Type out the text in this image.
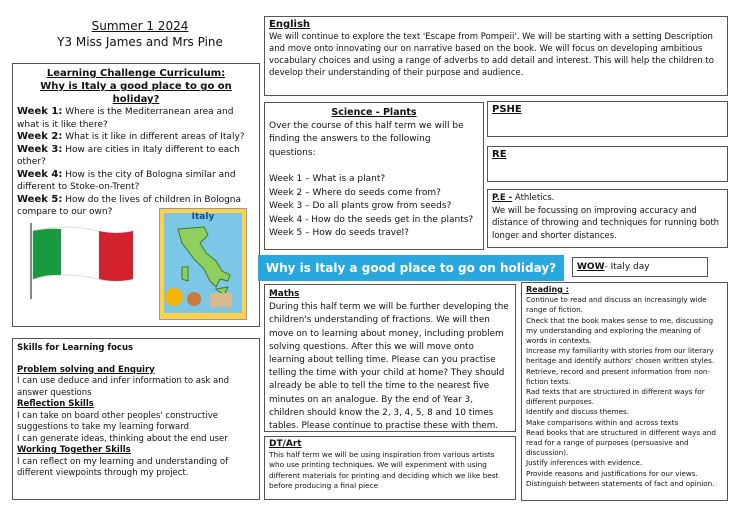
Summer 1 2024
Y3 Miss James and Mrs Pine
Learning Challenge Curriculum:
Why is Italy a good place to go on holiday?
Week 1: Where is the Mediterranean area and what is it like there?
Week 2: What is it like in different areas of Italy?
Week 3: How are cities in Italy different to each other?
Week 4: How is the city of Bologna similar and different to Stoke-on-Trent?
Week 5: How do the lives of children in Bologna compare to our own?	Italy
Skills for Learning focus
Problem solving and Enquiry
I can use deduce and infer information to ask and answer questions
Reflection Skills
I can take on board other peoples' constructive suggestions to take my learning forward
I can generate ideas, thinking about the end user
Working Together Skills
I can reflect on my learning and understanding of different viewpoints through my project.
English

We will continue to explore the text 'Escape from Pompeii'. We will be starting with a setting Description and move onto innovating our on narrative based on the book. We will focus on developing ambitious vocabulary choices and using a range of adverbs to add detail and interest. This will help the children to develop their understanding of their purpose and audience.

Science - Plants

Over the course of this half term we will be finding the answers to the following questions:

Week 1 – What is a plant?
Week 2 – Where do seeds come from?
Week 3 – Do all plants grow from seeds?
Week 4 - How do the seeds get in the plants?
Week 5 – How do seeds travel?
PSHE
RE
P.E - Athletics.

We will be focussing on improving accuracy and distance of throwing and techniques for running both longer and shorter distances.

Why is Italy a good place to go on holiday?	WOW- Italy day
Maths

During this half term we will be further developing the children's understanding of fractions. We will then move on to learning about money, including problem solving questions. After this we will move onto learning about telling time. Please can you practise telling the time with your child at home? They should already be able to tell the time to the nearest five minutes on an analogue. By the end of Year 3, children should know the 2, 3, 4, 5, 8 and 10 times tables. Please continue to practise these with them.

DT/Art

This half term we will be using inspiration from various artists who use printing techniques. We will experiment with using different materials for printing and deciding which we like best before producing a final piece

Reading :
Continue to read and discuss an increasingly wide range of fiction.
Check that the book makes sense to me, discussing my understanding and exploring the meaning of words in contexts.
Increase my familiarity with stories from our literary heritage and identify authors' chosen written styles.
Retrieve, record and present information from non-fiction texts.
Rad texts that are structured in different ways for different purposes.
Identify and discuss themes.
Make comparisons within and across texts
Read books that are structured in different ways and read for a range of purposes (persuasive and discussion).
Justify inferences with evidence.
Provide reasons and justifications for our views.
Distinguish between statements of fact and opinion.
